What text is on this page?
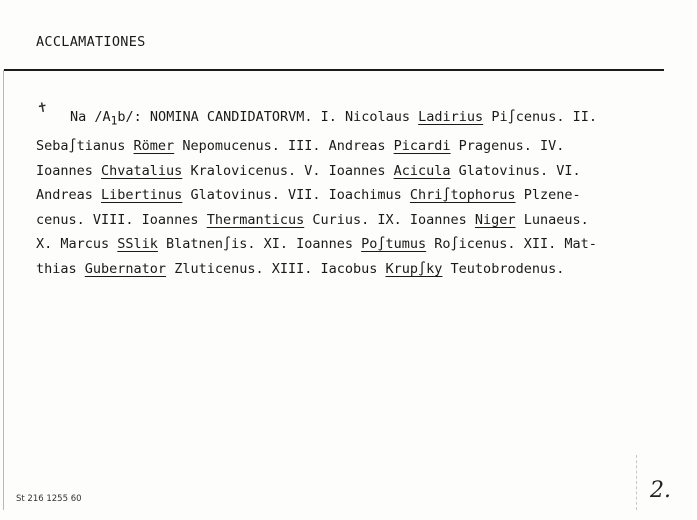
ACCLAMATIONES
✝
Na $/A_1b/$: NOMINA CANDIDATORVM. I. Nicolaus Ladirius Pi∫cenus. II.
Seba∫tianus Römer Nepomucenus. III. Andreas Picardi Pragenus. IV.
Ioannes Chvatalius Kralovicenus. V. Ioannes Acicula Glatovinus. VI.
Andreas Libertinus Glatovinus. VII. Ioachimus Chri∫tophorus Plzene-
cenus. VIII. Ioannes Thermanticus Curius. IX. Ioannes Niger Lunaeus.
X. Marcus SSlik Blatnen∫is. XI. Ioannes Po∫tumus Ro∫icenus. XII. Mat-
thias Gubernator Zluticenus. XIII. Iacobus Krup∫ky Teutobrodenus.
St 216 1255 60	2.
